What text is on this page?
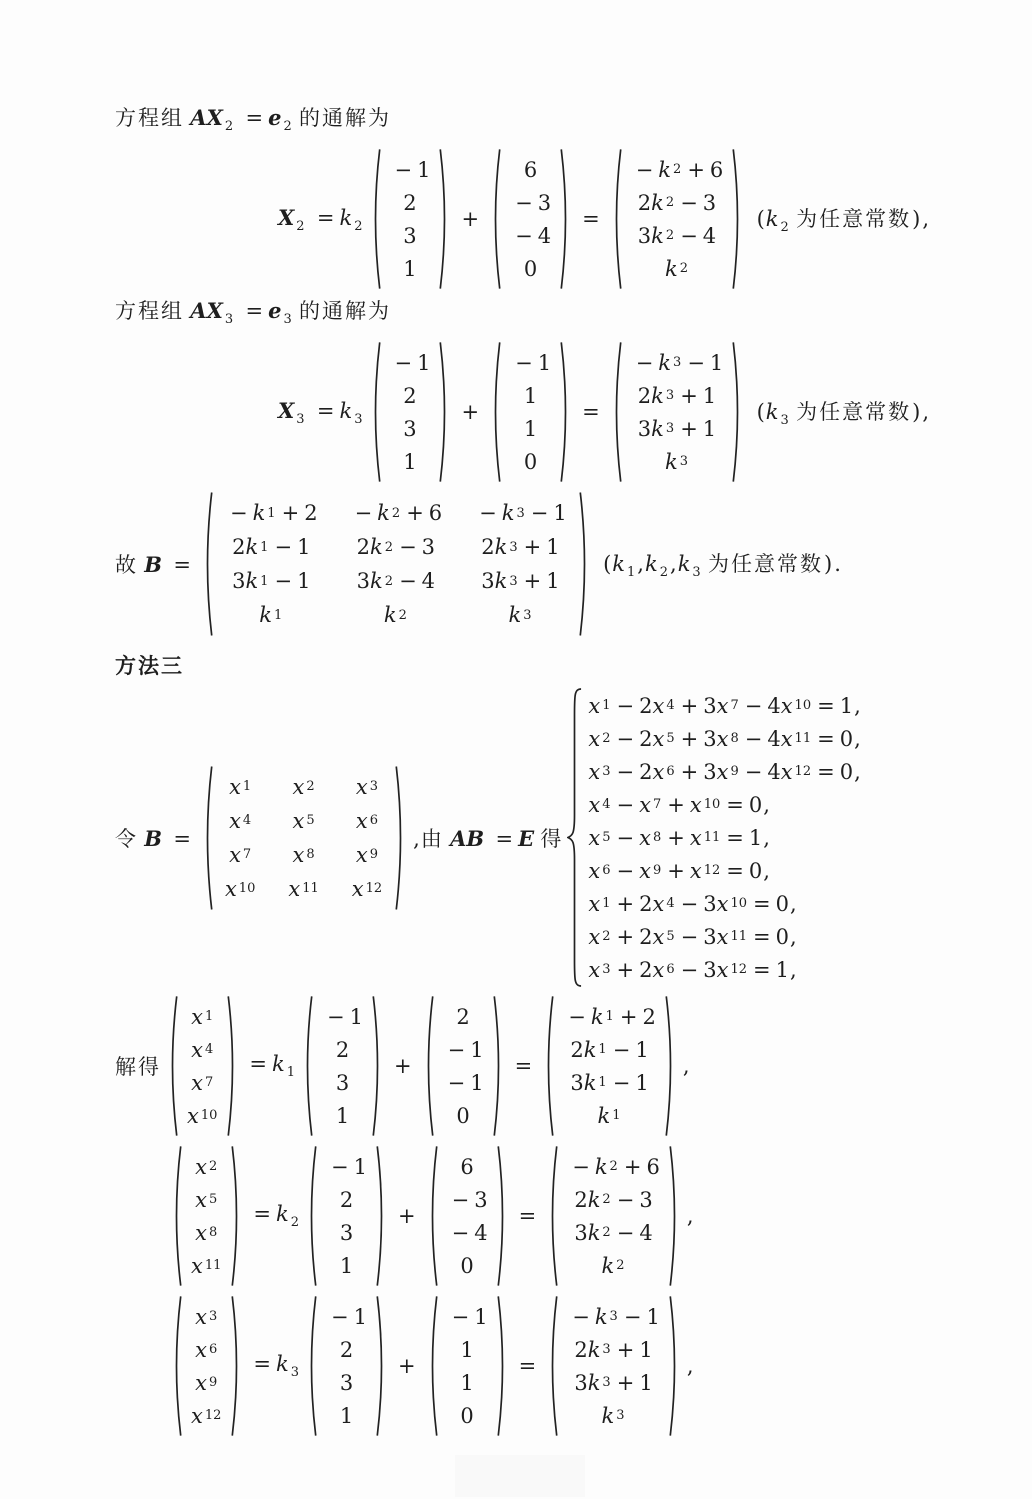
方程组 AX $_2$ = e $_2$ 的通解为
X $_2$ = k $_2$
− 1
2
3
1
+
6
− 3
− 4
0
=
− k 2 + 6
2 k 2 − 3
3 k 2 − 4
k 2
(k $_2$ 为任意常数),
方程组 AX $_3$ = e $_3$ 的通解为
X $_3$ = k $_3$
− 1
2
3
1
+
− 1
1
1
0
=
− k 3 − 1
2 k 3 + 1
3 k 3 + 1
k 3
(k $_3$ 为任意常数),
故 B =
− k 1 + 2 − k 2 + 6 − k 3 − 1
2 k 1 − 1 2 k 2 − 3 2 k 3 + 1
3 k 1 − 1 3 k 2 − 4 3 k 3 + 1
k 1	k 2	k 3
(k $_1$,k $_2$,k $_3$ 为任意常数).
方法三
令 B =
x 1 x 2 x 3
x 4 x 5 x 6
x 7 x 8 x 9
x 10 x 11 x 12
,由 AB = E 得
x 1 − 2 x 4 + 3 x 7 − 4 x 10 = 1 ,
x 2 − 2 x 5 + 3 x 8 − 4 x 11 = 0 ,
x 3 − 2 x 6 + 3 x 9 − 4 x 12 = 0 ,
x 4 − x 7 + x 10 = 0 ,
x 5 − x 8 + x 11 = 1 ,
x 6 − x 9 + x 12 = 0 ,
x 1 + 2 x 4 − 3 x 10 = 0 ,
x 2 + 2 x 5 − 3 x 11 = 0 ,
x 3 + 2 x 6 − 3 x 12 = 1 ,
解得
x 1
x 4
x 7
x 10
= k $_1$
− 1
2
3
1
+
2
− 1
− 1
0
=
− k 1 + 2
2 k 1 − 1
3 k 1 − 1
k 1
,
x 2
x 5
x 8
x 11
= k $_2$
− 1
2
3
1
+
6
− 3
− 4
0
=
− k 2 + 6
2 k 2 − 3
3 k 2 − 4
k 2
,
x 3
x 6
x 9
x 12
= k $_3$
− 1
2
3
1
+
− 1
1
1
0
=
− k 3 − 1
2 k 3 + 1
3 k 3 + 1
k 3
,
